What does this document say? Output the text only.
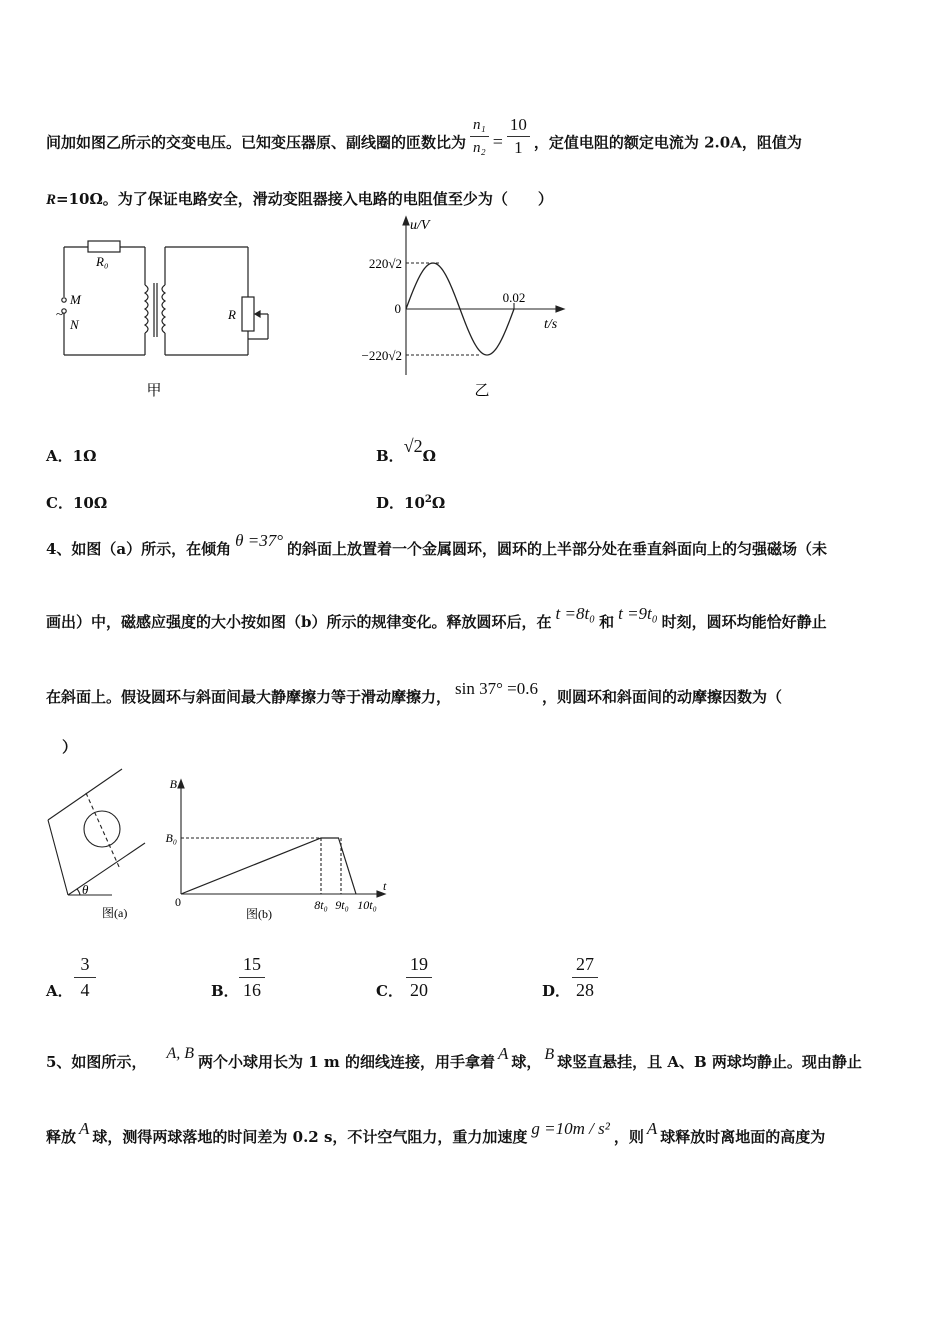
间加如图乙所示的交变电压。已知变压器原、副线圈的匝数比为 $\frac{\text{n₁}}{\text{n₂}} = \frac{10}{1}$ ，定值电阻的额定电流为 2.0A，阻值为
R=10Ω。为了保证电路安全，滑动变阻器接入电路的电阻值至少为（　　）
M
~
N
R₀
R
甲
u/V
220√2
0
−220√2
0.02
t/s
乙
A．1Ω	B．√2Ω
C．10Ω	D．$10^2\Omega$
4、如图（a）所示，在倾角 θ =37° 的斜面上放置着一个金属圆环，圆环的上半部分处在垂直斜面向上的匀强磁场（未
画出）中，磁感应强度的大小按如图（b）所示的规律变化。释放圆环后，在 t =8t₀ 和 t =9t₀ 时刻，圆环均能恰好静止
在斜面上。假设圆环与斜面间最大静摩擦力等于滑动摩擦力， sin 37° =0.6 ，则圆环和斜面间的动摩擦因数为（
）
θ
图(a)
B
B₀
0	8t₀ 9t₀ 10t₀
t
图(b)
A． $\frac{3}{4}$	B． $\frac{15}{16}$	C． $\frac{19}{20}$	D． $\frac{27}{28}$
5、如图所示， A, B 两个小球用长为 1 m 的细线连接，用手拿着 A 球， B 球竖直悬挂，且 A、B 两球均静止。现由静止
释放 A 球，测得两球落地的时间差为 0.2 s，不计空气阻力，重力加速度 g =10m / s² ，则 A 球释放时离地面的高度为
